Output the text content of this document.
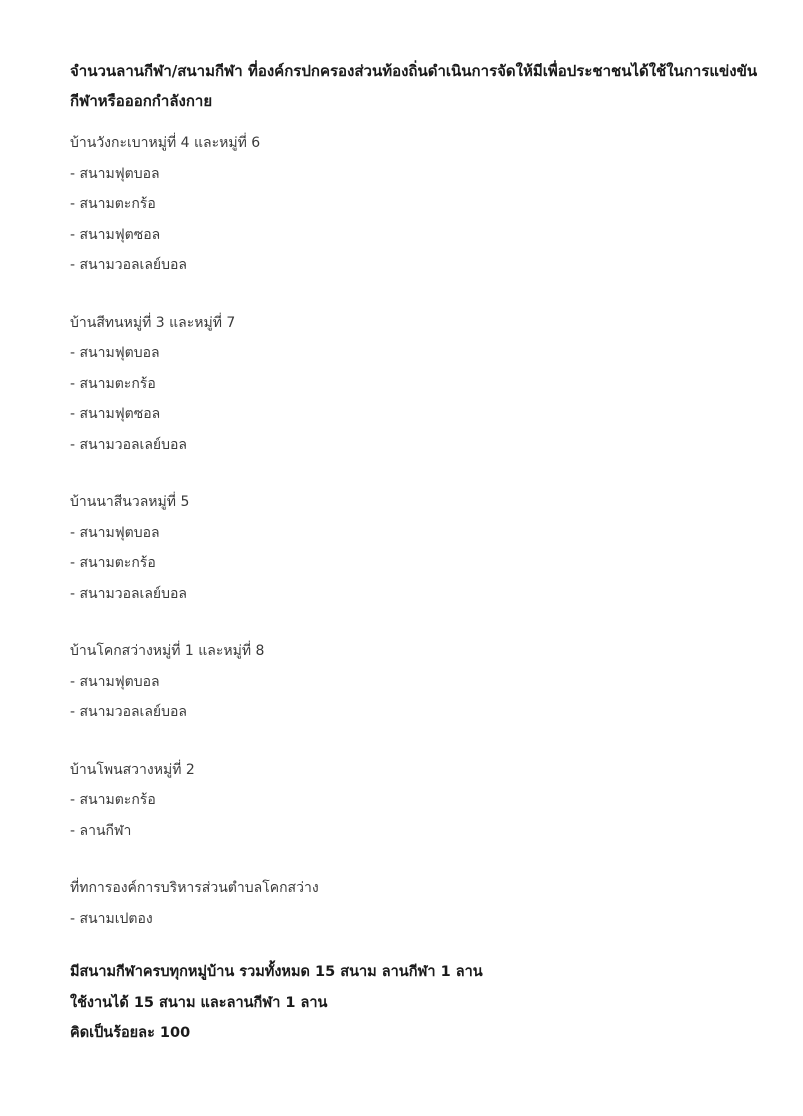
จำนวนลานกีฬา/สนามกีฬา ที่องค์กรปกครองส่วนท้องถิ่นดำเนินการจัดให้มีเพื่อประชาชนได้ใช้ในการแข่งขันกีฬาหรือออกกำลังกาย
บ้านวังกะเบาหมู่ที่ 4 และหมู่ที่ 6
- สนามฟุตบอล
- สนามตะกร้อ
- สนามฟุตซอล
- สนามวอลเลย์บอล
บ้านสีทนหมู่ที่ 3 และหมู่ที่ 7
- สนามฟุตบอล
- สนามตะกร้อ
- สนามฟุตซอล
- สนามวอลเลย์บอล
บ้านนาสีนวลหมู่ที่ 5
- สนามฟุตบอล
- สนามตะกร้อ
- สนามวอลเลย์บอล
บ้านโคกสว่างหมู่ที่ 1 และหมู่ที่ 8
- สนามฟุตบอล
- สนามวอลเลย์บอล
บ้านโพนสวางหมู่ที่ 2
- สนามตะกร้อ
- ลานกีฬา
ที่ทการองค์การบริหารส่วนตำบลโคกสว่าง
- สนามเปตอง
มีสนามกีฬาครบทุกหมู่บ้าน รวมทั้งหมด 15 สนาม ลานกีฬา 1 ลาน
ใช้งานได้ 15 สนาม และลานกีฬา 1 ลาน
คิดเป็นร้อยละ 100
